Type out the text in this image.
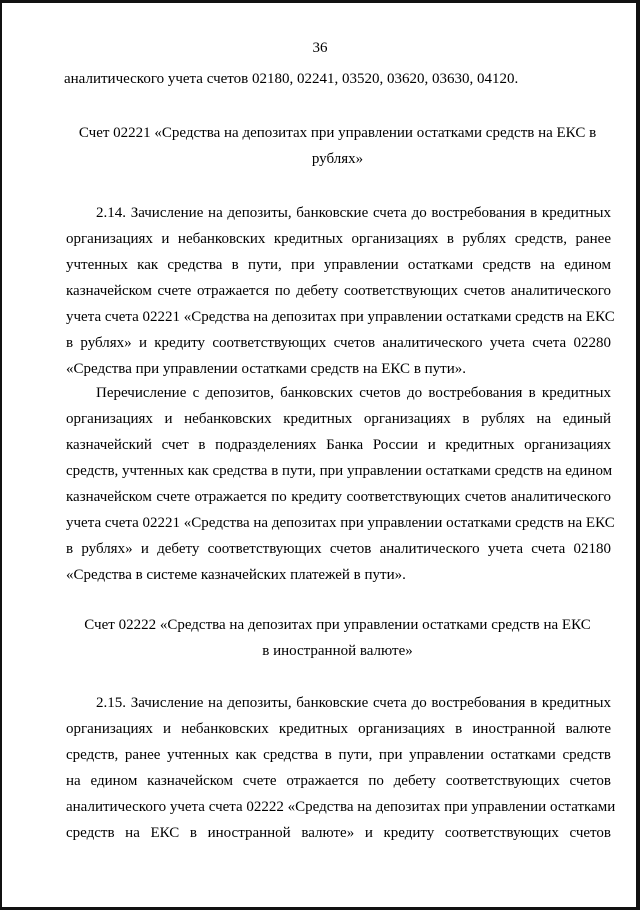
36
аналитического учета счетов 02180, 02241, 03520, 03620, 03630, 04120.
Счет 02221 «Средства на депозитах при управлении остатками средств на ЕКС в
рублях»
2.14. Зачисление на депозиты, банковские счета до востребования в кредитных
организациях и небанковских кредитных организациях в рублях средств, ранее
учтенных как средства в пути, при управлении остатками средств на едином
казначейском счете отражается по дебету соответствующих счетов аналитического
учета счета 02221 «Средства на депозитах при управлении остатками средств на ЕКС
в рублях» и кредиту соответствующих счетов аналитического учета счета 02280
«Средства при управлении остатками средств на ЕКС в пути».
Перечисление с депозитов, банковских счетов до востребования в кредитных
организациях и небанковских кредитных организациях в рублях на единый
казначейский счет в подразделениях Банка России и кредитных организациях
средств, учтенных как средства в пути, при управлении остатками средств на едином
казначейском счете отражается по кредиту соответствующих счетов аналитического
учета счета 02221 «Средства на депозитах при управлении остатками средств на ЕКС
в рублях» и дебету соответствующих счетов аналитического учета счета 02180
«Средства в системе казначейских платежей в пути».
Счет 02222 «Средства на депозитах при управлении остатками средств на ЕКС
в иностранной валюте»
2.15. Зачисление на депозиты, банковские счета до востребования в кредитных
организациях и небанковских кредитных организациях в иностранной валюте
средств, ранее учтенных как средства в пути, при управлении остатками средств
на едином казначейском счете отражается по дебету соответствующих счетов
аналитического учета счета 02222 «Средства на депозитах при управлении остатками
средств на ЕКС в иностранной валюте» и кредиту соответствующих счетов
